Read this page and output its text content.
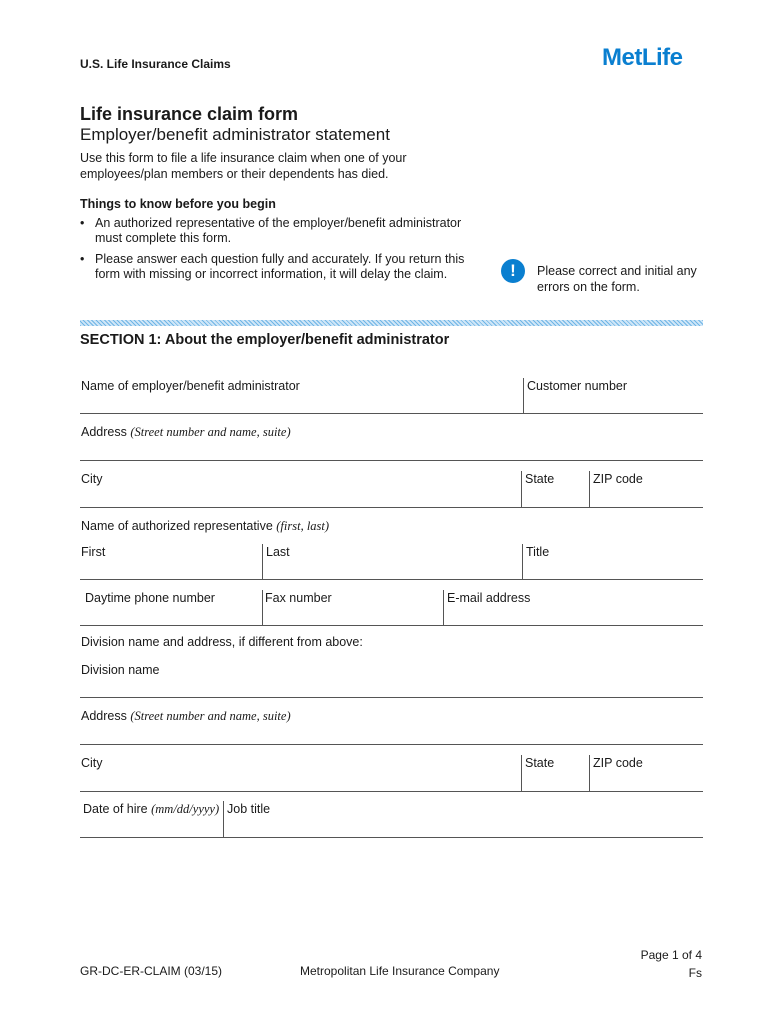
U.S. Life Insurance Claims	MetLife
Life insurance claim form
Employer/benefit administrator statement
Use this form to file a life insurance claim when one of your employees/plan members or their dependents has died.
Things to know before you begin
• An authorized representative of the employer/benefit administrator must complete this form.
• Please answer each question fully and accurately. If you return this form with missing or incorrect information, it will delay the claim.	!	Please correct and initial any errors on the form.
SECTION 1: About the employer/benefit administrator
Name of employer/benefit administrator	Customer number
Address (Street number and name, suite)
City	State	ZIP code
Name of authorized representative (first, last)
First	Last	Title
Daytime phone number	Fax number	E-mail address
Division name and address, if different from above:
Division name
Address (Street number and name, suite)
City	State	ZIP code
Date of hire (mm/dd/yyyy) Job title
GR-DC-ER-CLAIM (03/15)	Metropolitan Life Insurance Company
Page 1 of 4
Fs
